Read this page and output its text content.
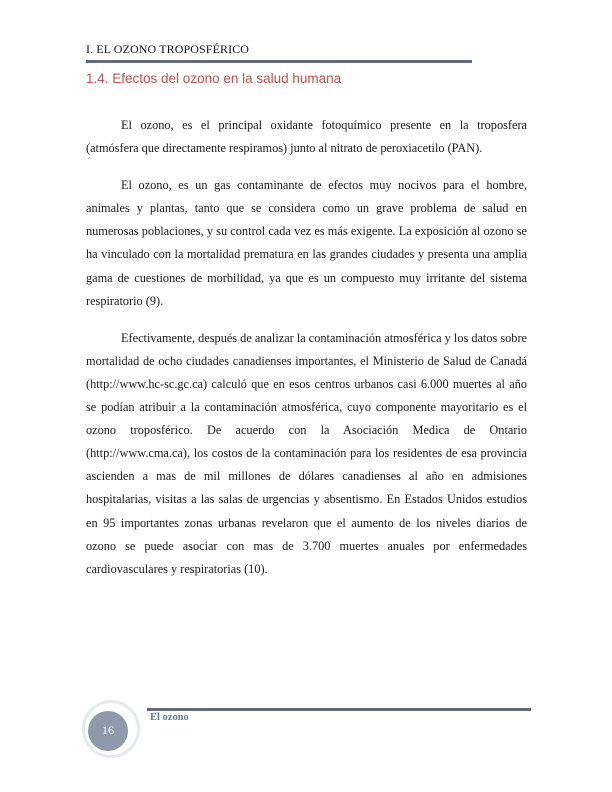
I. EL OZONO TROPOSFÉRICO
1.4. Efectos del ozono en la salud humana

El ozono, es el principal oxidante fotoquímico presente en la troposfera (atmósfera que directamente respiramos) junto al nitrato de peroxiacetilo (PAN).

El ozono, es un gas contaminante de efectos muy nocivos para el hombre, animales y plantas, tanto que se considera como un grave problema de salud en numerosas poblaciones, y su control cada vez es más exigente. La exposición al ozono se ha vinculado con la mortalidad prematura en las grandes ciudades y presenta una amplia gama de cuestiones de morbilidad, ya que es un compuesto muy irritante del sistema respiratorio (9).

Efectivamente, después de analizar la contaminación atmosférica y los datos sobre mortalidad de ocho ciudades canadienses importantes, el Ministerio de Salud de Canadá (http://www.hc-sc.gc.ca) calculó que en esos centros urbanos casi 6.000 muertes al año se podían atribuir a la contaminación atmosférica, cuyo componente mayoritario es el ozono troposférico. De acuerdo con la Asociación Medica de Ontario (http://www.cma.ca), los costos de la contaminación para los residentes de esa provincia ascienden a mas de mil millones de dólares canadienses al año en admisiones hospitalarias, visitas a las salas de urgencias y absentismo. En Estados Unidos estudios en 95 importantes zonas urbanas revelaron que el aumento de los niveles diarios de ozono se puede asociar con mas de 3.700 muertes anuales por enfermedades cardiovasculares y respiratorias (10).

16
El ozono
